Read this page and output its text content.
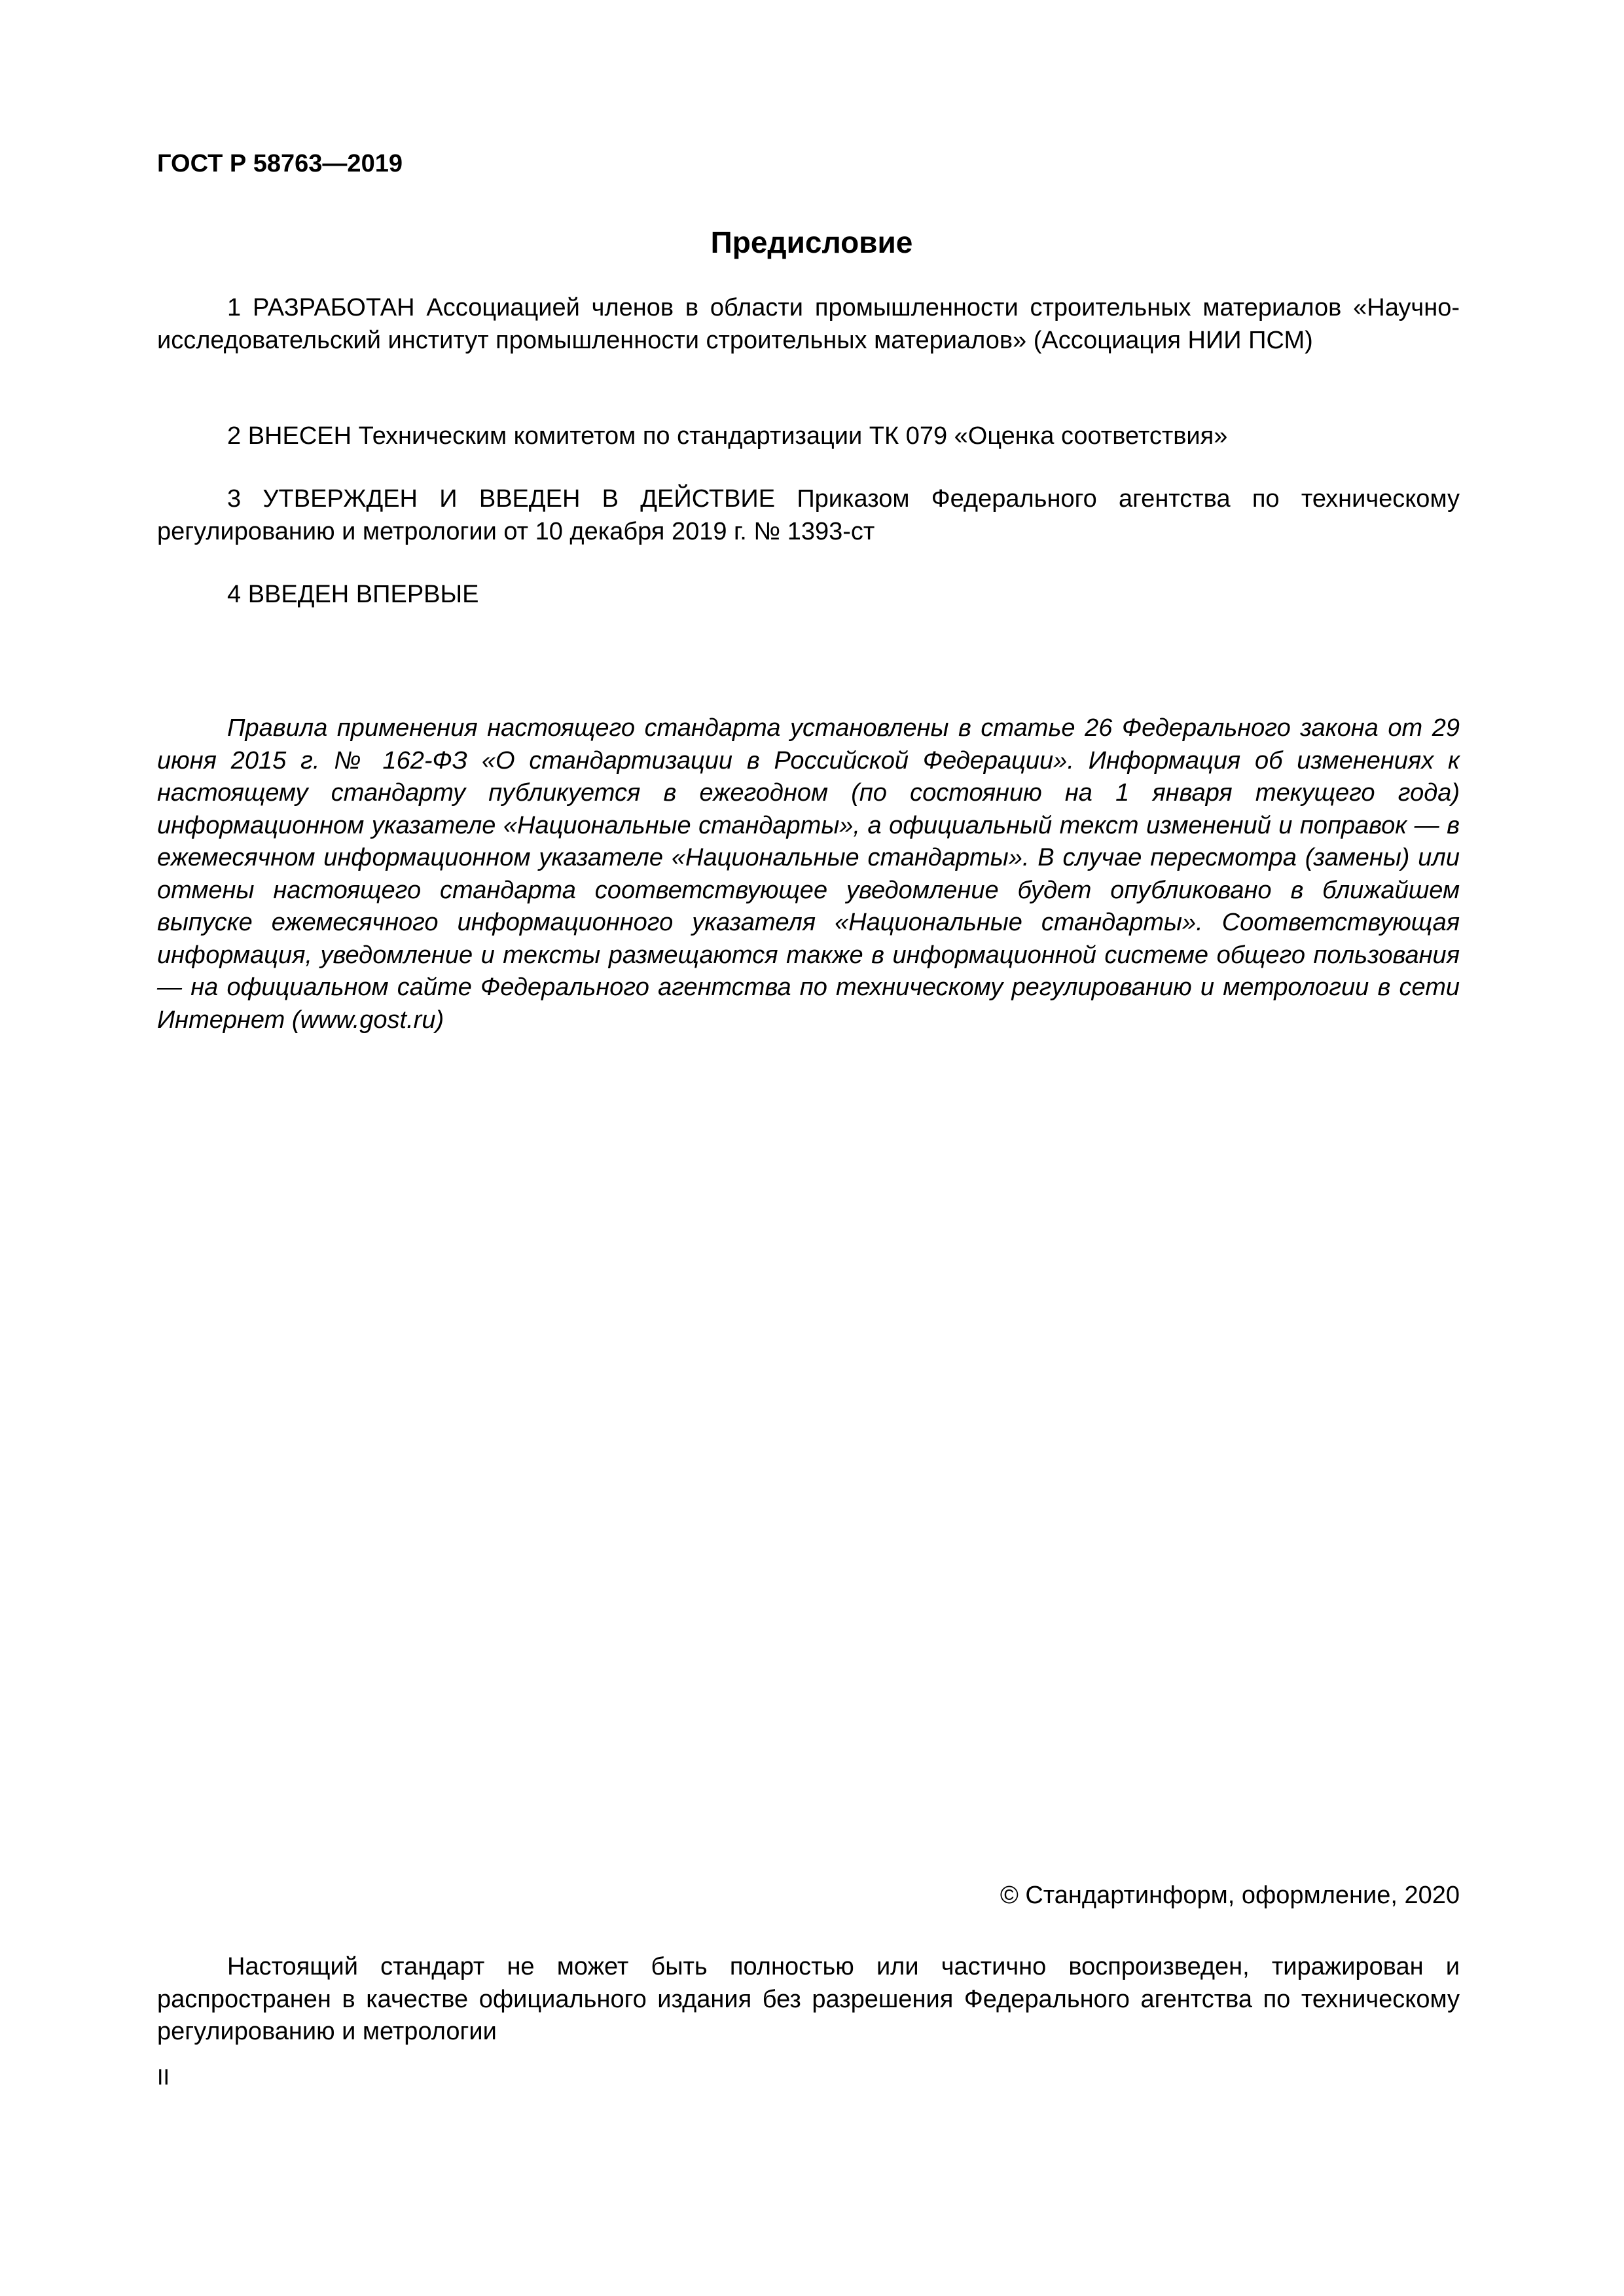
ГОСТ Р 58763—2019
Предисловие
1 РАЗРАБОТАН Ассоциацией членов в области промышленности строительных материалов «Научно-исследовательский институт промышленности строительных материалов» (Ассоциация НИИ ПСМ)
2 ВНЕСЕН Техническим комитетом по стандартизации ТК 079 «Оценка соответствия»
3 УТВЕРЖДЕН И ВВЕДЕН В ДЕЙСТВИЕ Приказом Федерального агентства по техническому регулированию и метрологии от 10 декабря 2019 г. № 1393-ст
4 ВВЕДЕН ВПЕРВЫЕ
Правила применения настоящего стандарта установлены в статье 26 Федерального закона от 29 июня 2015 г. № 162-ФЗ «О стандартизации в Российской Федерации». Информация об изменениях к настоящему стандарту публикуется в ежегодном (по состоянию на 1 января текущего года) информационном указателе «Национальные стандарты», а официальный текст изменений и поправок — в ежемесячном информационном указателе «Национальные стандарты». В случае пересмотра (замены) или отмены настоящего стандарта соответствующее уведомление будет опубликовано в ближайшем выпуске ежемесячного информационного указателя «Национальные стандарты». Соответствующая информация, уведомление и тексты размещаются также в информационной системе общего пользования — на официальном сайте Федерального агентства по техническому регулированию и метрологии в сети Интернет (www.gost.ru)
© Стандартинформ, оформление, 2020
Настоящий стандарт не может быть полностью или частично воспроизведен, тиражирован и распространен в качестве официального издания без разрешения Федерального агентства по техническому регулированию и метрологии
II
